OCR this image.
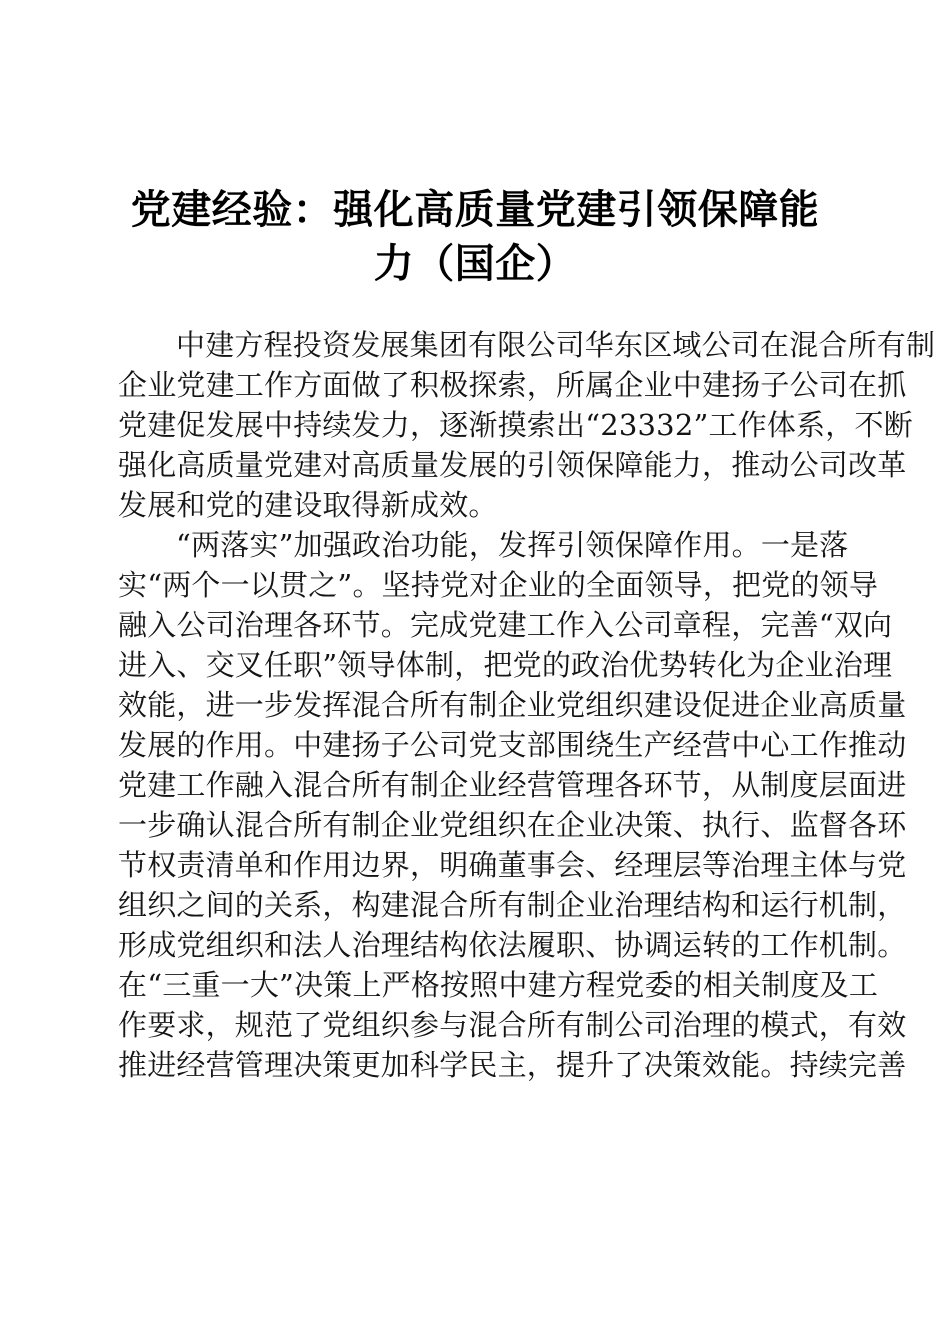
党建经验：强化高质量党建引领保障能
力（国企）
中建方程投资发展集团有限公司华东区域公司在混合所有制
企业党建工作方面做了积极探索，所属企业中建扬子公司在抓
党建促发展中持续发力，逐渐摸索出“23332”工作体系，不断
强化高质量党建对高质量发展的引领保障能力，推动公司改革
发展和党的建设取得新成效。
“两落实”加强政治功能，发挥引领保障作用。一是落
实“两个一以贯之”。坚持党对企业的全面领导，把党的领导
融入公司治理各环节。完成党建工作入公司章程，完善“双向
进入、交叉任职”领导体制，把党的政治优势转化为企业治理
效能，进一步发挥混合所有制企业党组织建设促进企业高质量
发展的作用。中建扬子公司党支部围绕生产经营中心工作推动
党建工作融入混合所有制企业经营管理各环节，从制度层面进
一步确认混合所有制企业党组织在企业决策、执行、监督各环
节权责清单和作用边界，明确董事会、经理层等治理主体与党
组织之间的关系，构建混合所有制企业治理结构和运行机制，
形成党组织和法人治理结构依法履职、协调运转的工作机制。
在“三重一大”决策上严格按照中建方程党委的相关制度及工
作要求，规范了党组织参与混合所有制公司治理的模式，有效
推进经营管理决策更加科学民主，提升了决策效能。持续完善
